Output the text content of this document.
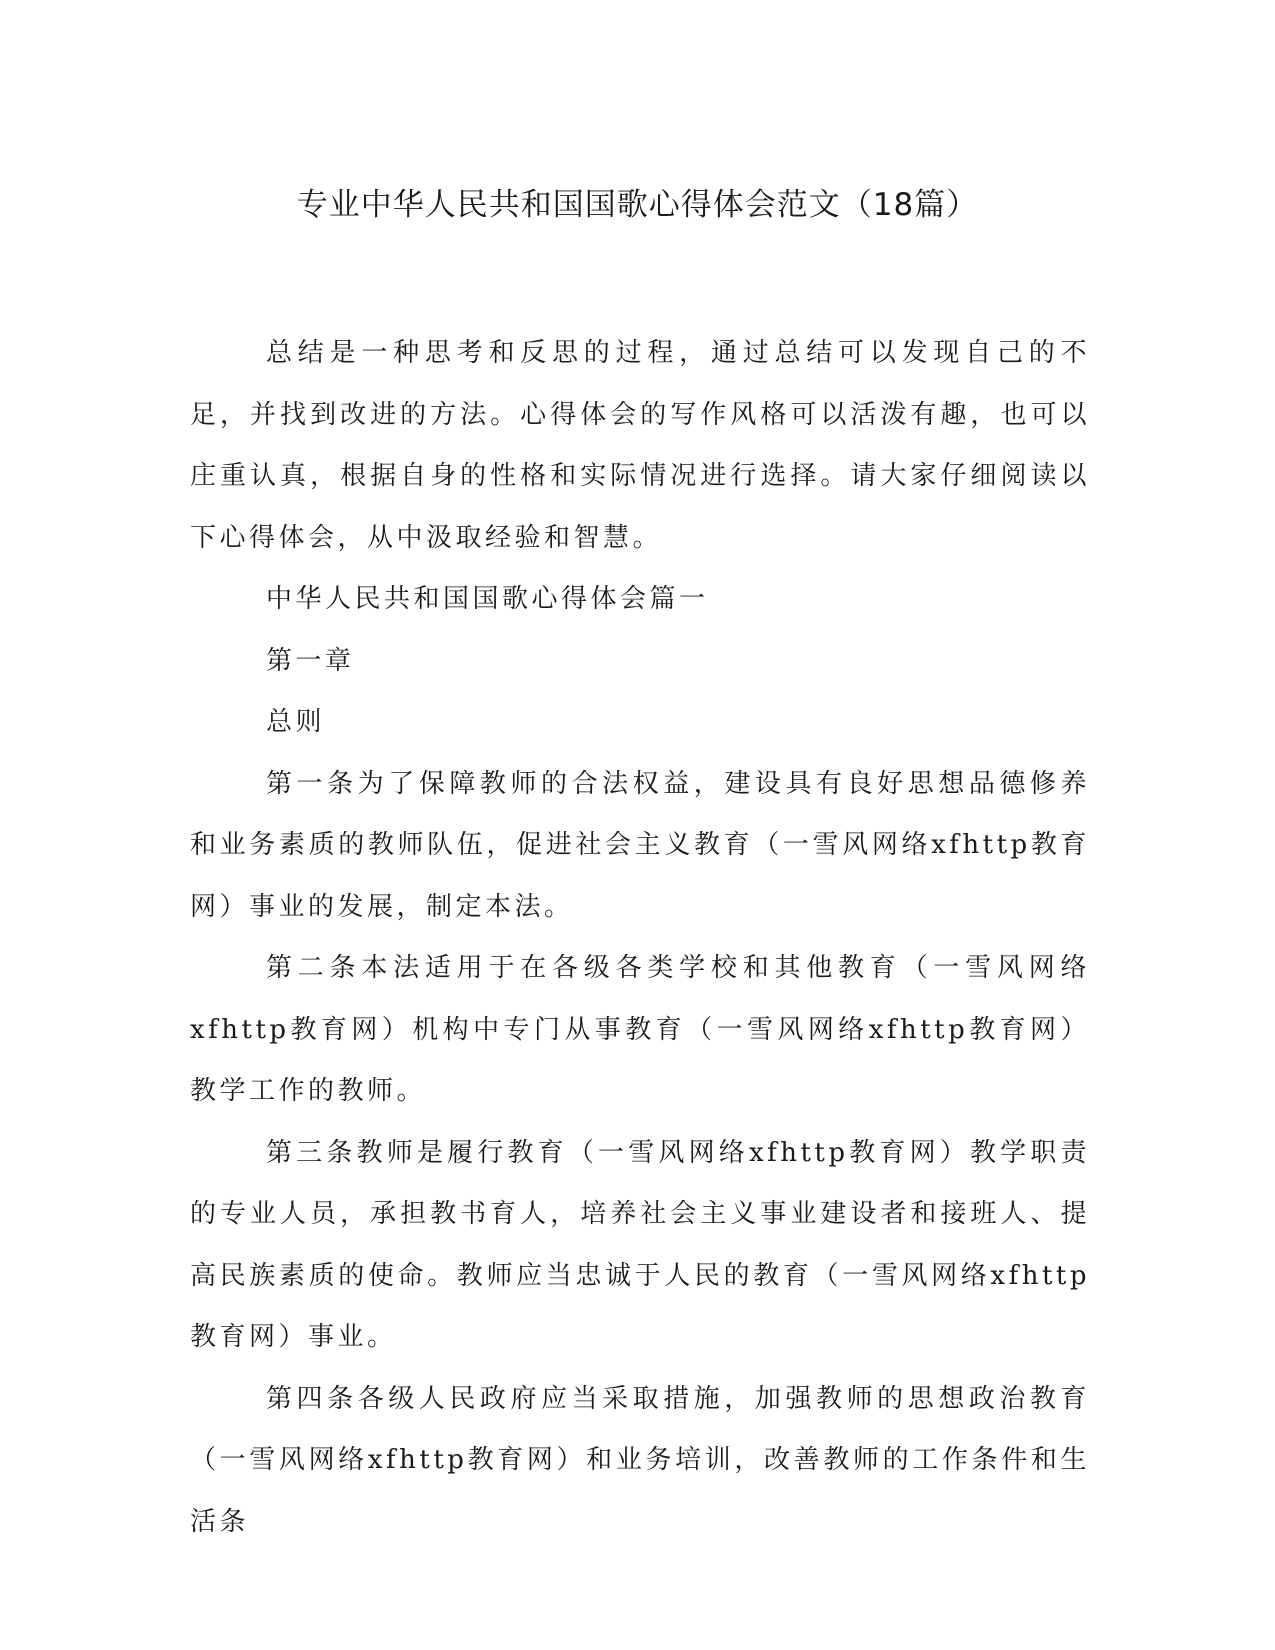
专业中华人民共和国国歌心得体会范文（18篇）

总结是一种思考和反思的过程，通过总结可以发现自己的不足，并找到改进的方法。心得体会的写作风格可以活泼有趣，也可以庄重认真，根据自身的性格和实际情况进行选择。请大家仔细阅读以下心得体会，从中汲取经验和智慧。

中华人民共和国国歌心得体会篇一

第一章

总则

第一条为了保障教师的合法权益，建设具有良好思想品德修养和业务素质的教师队伍，促进社会主义教育（一雪风网络xfhttp教育网）事业的发展，制定本法。

第二条本法适用于在各级各类学校和其他教育（一雪风网络xfhttp教育网）机构中专门从事教育（一雪风网络xfhttp教育网）教学工作的教师。

第三条教师是履行教育（一雪风网络xfhttp教育网）教学职责的专业人员，承担教书育人，培养社会主义事业建设者和接班人、提高民族素质的使命。教师应当忠诚于人民的教育（一雪风网络xfhttp教育网）事业。

第四条各级人民政府应当采取措施，加强教师的思想政治教育（一雪风网络xfhttp教育网）和业务培训，改善教师的工作条件和生活条
